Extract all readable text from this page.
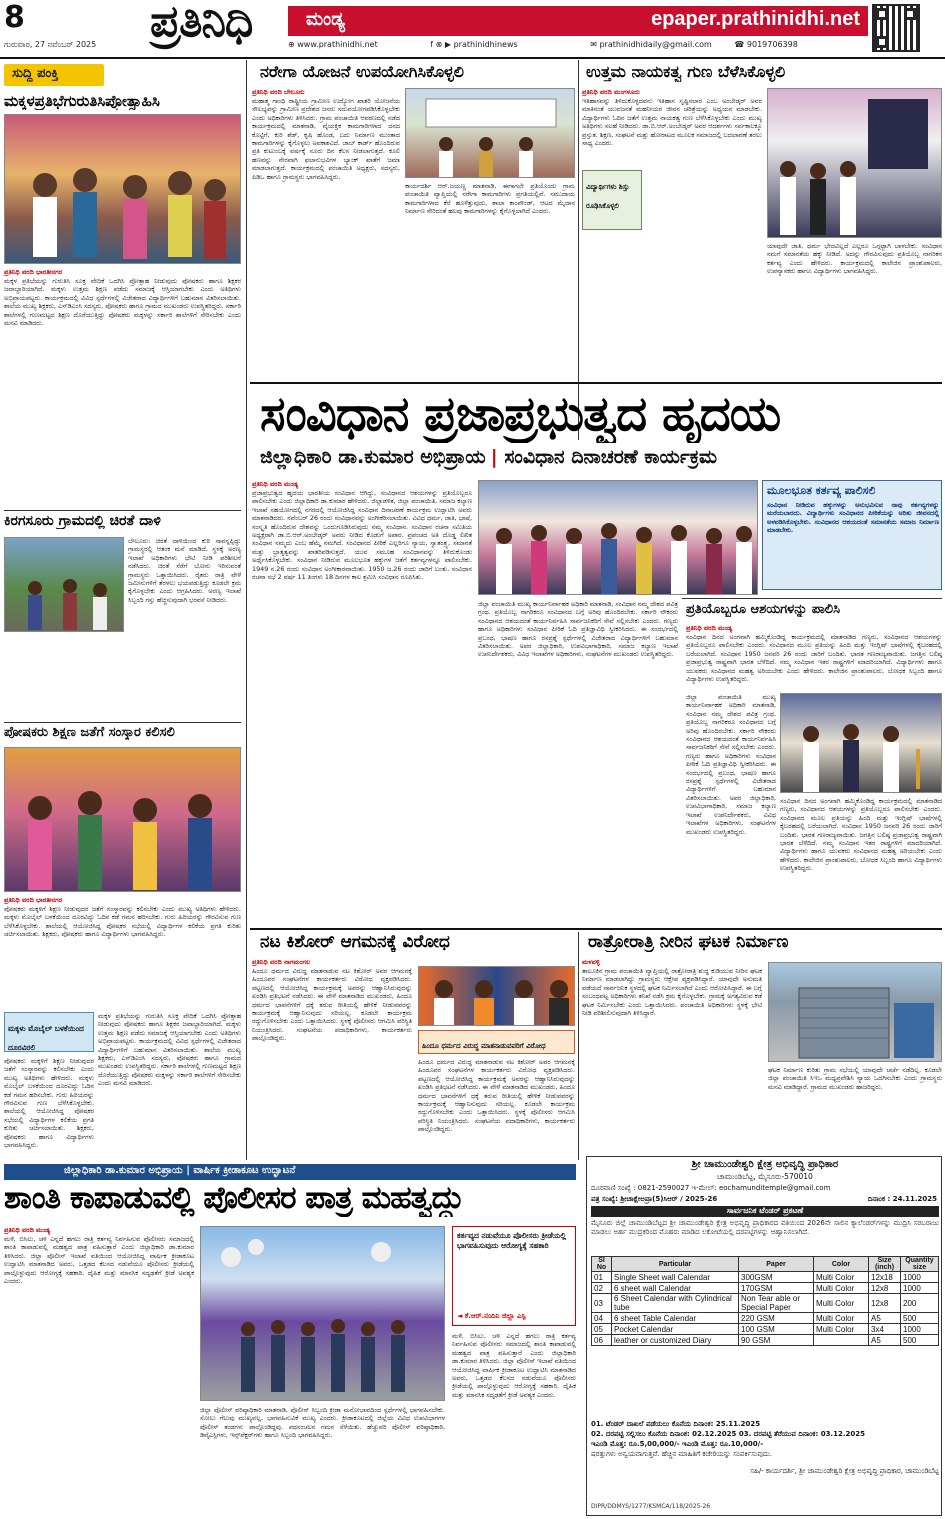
8
ಗುರುವಾರ, 27 ನವೆಂಬರ್ 2025 ಪ್ರತಿನಿಧಿ	ಮಂಡ್ಯ	epaper.prathinidhi.net
⊕ www.prathinidhi.net	f ⊗ ▶ prathinidhinews	✉ prathinidhidaily@gmail.com	☎ 9019706398
ಸುದ್ದಿ ಪಂಕ್ತಿ
ಮಕ್ಕಳಪ್ರತಿಭೆಗುರುತಿಸಿಪ್ರೋತ್ಸಾಹಿಸಿ
ಪ್ರತಿನಿಧಿ ವರದಿ ಭಾರತೀನಗರ
ಮಕ್ಕಳ ಪ್ರತಿಭೆಯನ್ನು ಗುರುತಿಸಿ ಸೂಕ್ತ ವೇದಿಕೆ ಒದಗಿಸಿ ಪ್ರೋತ್ಸಾಹ ನೀಡುವುದು ಪೋಷಕರು ಹಾಗೂ ಶಿಕ್ಷಕರ ಜವಾಬ್ದಾರಿಯಾಗಿದೆ. ಮಕ್ಕಳು ಉತ್ತಮ ಶಿಕ್ಷಣ ಪಡೆದು ಸಮಾಜಕ್ಕೆ ಆಸ್ತಿಯಾಗಬೇಕು ಎಂದು ಅತಿಥಿಗಳು ಅಭಿಪ್ರಾಯಪಟ್ಟರು. ಕಾರ್ಯಕ್ರಮದಲ್ಲಿ ವಿವಿಧ ಸ್ಪರ್ಧೆಗಳಲ್ಲಿ ವಿಜೇತರಾದ ವಿದ್ಯಾರ್ಥಿಗಳಿಗೆ ಬಹುಮಾನ ವಿತರಿಸಲಾಯಿತು. ಶಾಲೆಯ ಮುಖ್ಯ ಶಿಕ್ಷಕರು, ಎಸ್‌ಡಿಎಂಸಿ ಸದಸ್ಯರು, ಪೋಷಕರು ಹಾಗೂ ಗ್ರಾಮದ ಮುಖಂಡರು ಉಪಸ್ಥಿತರಿದ್ದರು. ಸರ್ಕಾರಿ ಶಾಲೆಗಳಲ್ಲಿ ಗುಣಮಟ್ಟದ ಶಿಕ್ಷಣ ದೊರೆಯುತ್ತಿದ್ದು ಪೋಷಕರು ಮಕ್ಕಳನ್ನು ಸರ್ಕಾರಿ ಶಾಲೆಗಳಿಗೆ ಸೇರಿಸಬೇಕು ಎಂದು ಮನವಿ ಮಾಡಿದರು.
ಕಿರಗಸೂರು ಗ್ರಾಮದಲ್ಲಿ ಚಿರತೆ ದಾಳಿ
ಬೇಲೂರು: ಚಿರತೆ ದಾಳಿಯಿಂದ ಕುರಿ ಸಾವನ್ನಪ್ಪಿದ್ದು ಗ್ರಾಮಸ್ಥರಲ್ಲಿ ಆತಂಕ ಮನೆ ಮಾಡಿದೆ. ಸ್ಥಳಕ್ಕೆ ಅರಣ್ಯ ಇಲಾಖೆ ಅಧಿಕಾರಿಗಳು ಭೇಟಿ ನೀಡಿ ಪರಿಶೀಲನೆ ನಡೆಸಿದರು. ಚಿರತೆ ಸೆರೆಗೆ ಬೋನು ಇರಿಸುವಂತೆ ಗ್ರಾಮಸ್ಥರು ಒತ್ತಾಯಿಸಿದರು. ರೈತರು ರಾತ್ರಿ ವೇಳೆ ಜಮೀನುಗಳಿಗೆ ತೆರಳಲು ಭಯಪಡುತ್ತಿದ್ದು ಕೂಡಲೇ ಕ್ರಮ ಕೈಗೊಳ್ಳಬೇಕು ಎಂದು ಆಗ್ರಹಿಸಿದರು. ಅರಣ್ಯ ಇಲಾಖೆ ಸಿಬ್ಬಂದಿ ಗಸ್ತು ಹೆಚ್ಚಿಸುವುದಾಗಿ ಭರವಸೆ ನೀಡಿದರು.
ಪೋಷಕರು ಶಿಕ್ಷಣ ಜತೆಗೆ ಸಂಸ್ಕಾರ ಕಲಿಸಲಿ
ಪ್ರತಿನಿಧಿ ವರದಿ ಭಾರತೀನಗರ
ಪೋಷಕರು ಮಕ್ಕಳಿಗೆ ಶಿಕ್ಷಣ ನೀಡುವುದರ ಜತೆಗೆ ಸಂಸ್ಕಾರವನ್ನು ಕಲಿಸಬೇಕು ಎಂದು ಮುಖ್ಯ ಅತಿಥಿಗಳು ಹೇಳಿದರು. ಮಕ್ಕಳು ಮೊಬೈಲ್ ಬಳಕೆಯಿಂದ ದೂರವಿದ್ದು ಓದಿನ ಕಡೆ ಗಮನ ಹರಿಸಬೇಕು. ಗುರು ಹಿರಿಯರನ್ನು ಗೌರವಿಸುವ ಗುಣ ಬೆಳೆಸಿಕೊಳ್ಳಬೇಕು. ಶಾಲೆಯಲ್ಲಿ ಆಯೋಜಿಸಿದ್ದ ಪೋಷಕರ ಸಭೆಯಲ್ಲಿ ವಿದ್ಯಾರ್ಥಿಗಳ ಕಲಿಕೆಯ ಪ್ರಗತಿ ಕುರಿತು ಚರ್ಚಿಸಲಾಯಿತು. ಶಿಕ್ಷಕರು, ಪೋಷಕರು ಹಾಗೂ ವಿದ್ಯಾರ್ಥಿಗಳು ಭಾಗವಹಿಸಿದ್ದರು.
ಮಕ್ಕಳು ಮೊಬೈಲ್ ಬಳಕೆಯಿಂದ ದೂರವಿರಲಿ
ಮಕ್ಕಳ ಪ್ರತಿಭೆಯನ್ನು ಗುರುತಿಸಿ ಸೂಕ್ತ ವೇದಿಕೆ ಒದಗಿಸಿ ಪ್ರೋತ್ಸಾಹ ನೀಡುವುದು ಪೋಷಕರು ಹಾಗೂ ಶಿಕ್ಷಕರ ಜವಾಬ್ದಾರಿಯಾಗಿದೆ. ಮಕ್ಕಳು ಉತ್ತಮ ಶಿಕ್ಷಣ ಪಡೆದು ಸಮಾಜಕ್ಕೆ ಆಸ್ತಿಯಾಗಬೇಕು ಎಂದು ಅತಿಥಿಗಳು ಅಭಿಪ್ರಾಯಪಟ್ಟರು. ಕಾರ್ಯಕ್ರಮದಲ್ಲಿ ವಿವಿಧ ಸ್ಪರ್ಧೆಗಳಲ್ಲಿ ವಿಜೇತರಾದ ವಿದ್ಯಾರ್ಥಿಗಳಿಗೆ ಬಹುಮಾನ ವಿತರಿಸಲಾಯಿತು. ಶಾಲೆಯ ಮುಖ್ಯ ಶಿಕ್ಷಕರು, ಎಸ್‌ಡಿಎಂಸಿ ಸದಸ್ಯರು, ಪೋಷಕರು ಹಾಗೂ ಗ್ರಾಮದ ಮುಖಂಡರು ಉಪಸ್ಥಿತರಿದ್ದರು. ಸರ್ಕಾರಿ ಶಾಲೆಗಳಲ್ಲಿ ಗುಣಮಟ್ಟದ ಶಿಕ್ಷಣ ದೊರೆಯುತ್ತಿದ್ದು ಪೋಷಕರು ಮಕ್ಕಳನ್ನು ಸರ್ಕಾರಿ ಶಾಲೆಗಳಿಗೆ ಸೇರಿಸಬೇಕು ಎಂದು ಮನವಿ ಮಾಡಿದರು.
ಪೋಷಕರು ಮಕ್ಕಳಿಗೆ ಶಿಕ್ಷಣ ನೀಡುವುದರ ಜತೆಗೆ ಸಂಸ್ಕಾರವನ್ನು ಕಲಿಸಬೇಕು ಎಂದು ಮುಖ್ಯ ಅತಿಥಿಗಳು ಹೇಳಿದರು. ಮಕ್ಕಳು ಮೊಬೈಲ್ ಬಳಕೆಯಿಂದ ದೂರವಿದ್ದು ಓದಿನ ಕಡೆ ಗಮನ ಹರಿಸಬೇಕು. ಗುರು ಹಿರಿಯರನ್ನು ಗೌರವಿಸುವ ಗುಣ ಬೆಳೆಸಿಕೊಳ್ಳಬೇಕು. ಶಾಲೆಯಲ್ಲಿ ಆಯೋಜಿಸಿದ್ದ ಪೋಷಕರ ಸಭೆಯಲ್ಲಿ ವಿದ್ಯಾರ್ಥಿಗಳ ಕಲಿಕೆಯ ಪ್ರಗತಿ ಕುರಿತು ಚರ್ಚಿಸಲಾಯಿತು. ಶಿಕ್ಷಕರು, ಪೋಷಕರು ಹಾಗೂ ವಿದ್ಯಾರ್ಥಿಗಳು ಭಾಗವಹಿಸಿದ್ದರು.
ನರೇಗಾ ಯೋಜನೆ ಉಪಯೋಗಿಸಿಕೊಳ್ಳಲಿ
ಪ್ರತಿನಿಧಿ ವರದಿ ಬೇಲೂರು
ಮಹಾತ್ಮ ಗಾಂಧಿ ರಾಷ್ಟ್ರೀಯ ಗ್ರಾಮೀಣ ಉದ್ಯೋಗ ಖಾತರಿ ಯೋಜನೆಯ ಸೌಲಭ್ಯವನ್ನು ಗ್ರಾಮೀಣ ಪ್ರದೇಶದ ಜನರು ಸದುಪಯೋಗಪಡಿಸಿಕೊಳ್ಳಬೇಕು ಎಂದು ಅಧಿಕಾರಿಗಳು ತಿಳಿಸಿದರು. ಗ್ರಾಮ ಪಂಚಾಯಿತಿ ಆವರಣದಲ್ಲಿ ನಡೆದ ಕಾರ್ಯಕ್ರಮದಲ್ಲಿ ಮಾತನಾಡಿ, ವೈಯಕ್ತಿಕ ಕಾಮಗಾರಿಗಳಾದ ದನದ ಕೊಟ್ಟಿಗೆ, ಕುರಿ ಶೆಡ್, ಕೃಷಿ ಹೊಂಡ, ಬದು ನಿರ್ಮಾಣ ಮುಂತಾದ ಕಾಮಗಾರಿಗಳನ್ನು ಕೈಗೊಳ್ಳಲು ಅವಕಾಶವಿದೆ. ಜಾಬ್ ಕಾರ್ಡ್ ಹೊಂದಿರುವ ಪ್ರತಿ ಕುಟುಂಬಕ್ಕೆ ವರ್ಷಕ್ಕೆ ನೂರು ದಿನ ಕೆಲಸ ನೀಡಲಾಗುತ್ತದೆ. ಕೂಲಿ ಹಣವನ್ನು ನೇರವಾಗಿ ಫಲಾನುಭವಿಗಳ ಬ್ಯಾಂಕ್ ಖಾತೆಗೆ ಜಮಾ ಮಾಡಲಾಗುತ್ತದೆ. ಕಾರ್ಯಕ್ರಮದಲ್ಲಿ ಪಂಚಾಯಿತಿ ಅಧ್ಯಕ್ಷರು, ಸದಸ್ಯರು, ಪಿಡಿಒ ಹಾಗೂ ಗ್ರಾಮಸ್ಥರು ಭಾಗವಹಿಸಿದ್ದರು.
ಕಾರ್ಯದರ್ಶಿ ಆರ್.ಜಯಣ್ಣ ಮಾತನಾಡಿ, ಈಗಾಗಲೇ ಪ್ರತಿಯೊಂದು ಗ್ರಾಮ ಪಂಚಾಯಿತಿ ವ್ಯಾಪ್ತಿಯಲ್ಲಿ ನರೇಗಾ ಕಾಮಗಾರಿಗಳು ಪ್ರಗತಿಯಲ್ಲಿವೆ. ಸಮುದಾಯ ಕಾಮಗಾರಿಗಳಾದ ಕೆರೆ ಹೂಳೆತ್ತುವುದು, ಶಾಲಾ ಕಾಂಪೌಂಡ್, ಆಟದ ಮೈದಾನ ನಿರ್ಮಾಣ ಸೇರಿದಂತೆ ಹಲವು ಕಾಮಗಾರಿಗಳನ್ನು ಕೈಗೊಳ್ಳಲಾಗಿದೆ ಎಂದರು.
ಉತ್ತಮ ನಾಯಕತ್ವ ಗುಣ ಬೆಳೆಸಿಕೊಳ್ಳಲಿ
ಪ್ರತಿನಿಧಿ ವರದಿ ಮಂಗಳೂರು
ಇತಿಹಾಸವನ್ನು ತಿಳಿದುಕೊಳ್ಳದವನು ಇತಿಹಾಸ ಸೃಷ್ಟಿಸಲಾರ ಎಂಬ ಅಂಬೇಡ್ಕರ್ ಅವರ ಮಾತಿನಂತೆ ಯುವಜನತೆ ಮಹನೀಯರ ಜೀವನ ಚರಿತ್ರೆಯನ್ನು ಅಧ್ಯಯನ ಮಾಡಬೇಕು. ವಿದ್ಯಾರ್ಥಿಗಳು ಓದಿನ ಜತೆಗೆ ಉತ್ತಮ ನಾಯಕತ್ವ ಗುಣ ಬೆಳೆಸಿಕೊಳ್ಳಬೇಕು ಎಂದು ಮುಖ್ಯ ಅತಿಥಿಗಳು ಸಲಹೆ ನೀಡಿದರು. ಡಾ.ಬಿ.ಆರ್.ಅಂಬೇಡ್ಕರ್ ಅವರ ಆದರ್ಶಗಳು ಸರ್ವಕಾಲಕ್ಕೂ ಪ್ರಸ್ತುತ. ಶಿಕ್ಷಣ, ಸಂಘಟನೆ ಮತ್ತು ಹೋರಾಟದ ಮೂಲಕ ಸಮಾಜದಲ್ಲಿ ಬದಲಾವಣೆ ತರಲು ಸಾಧ್ಯ ಎಂದರು.
ವಿದ್ಯಾರ್ಥಿಗಳು ಶಿಸ್ತು ರೂಢಿಸಿಕೊಳ್ಳಲಿ
ಯಾವುದೇ ಜಾತಿ, ಧರ್ಮ ಭೇದವಿಲ್ಲದೆ ಎಲ್ಲರೂ ಒಗ್ಗಟ್ಟಾಗಿ ಬಾಳಬೇಕು. ಸಂವಿಧಾನ ನಮಗೆ ಸಮಾನತೆಯ ಹಕ್ಕು ನೀಡಿದೆ. ಅದನ್ನು ಗೌರವಿಸುವುದು ಪ್ರತಿಯೊಬ್ಬ ನಾಗರಿಕನ ಕರ್ತವ್ಯ ಎಂದು ಹೇಳಿದರು. ಕಾರ್ಯಕ್ರಮದಲ್ಲಿ ಕಾಲೇಜಿನ ಪ್ರಾಂಶುಪಾಲರು, ಉಪನ್ಯಾಸಕರು ಹಾಗೂ ವಿದ್ಯಾರ್ಥಿಗಳು ಭಾಗವಹಿಸಿದ್ದರು.
ಸಂವಿಧಾನ ಪ್ರಜಾಪ್ರಭುತ್ವದ ಹೃದಯ
ಜಿಲ್ಲಾಧಿಕಾರಿ ಡಾ.ಕುಮಾರ ಅಭಿಪ್ರಾಯ | ಸಂವಿಧಾನ ದಿನಾಚರಣೆ ಕಾರ್ಯಕ್ರಮ
ಪ್ರತಿನಿಧಿ ವರದಿ ಮಂಡ್ಯ
ಪ್ರಜಾಪ್ರಭುತ್ವದ ಹೃದಯ ಭಾರತೀಯ ಸಂವಿಧಾನ ಆಗಿದ್ದು, ಸಂವಿಧಾನದ ಆಶಯಗಳನ್ನು ಪ್ರತಿಯೊಬ್ಬರೂ ಪಾಲಿಸಬೇಕು ಎಂದು ಜಿಲ್ಲಾಧಿಕಾರಿ ಡಾ.ಕುಮಾರ ಹೇಳಿದರು. ಜಿಲ್ಲಾಡಳಿತ, ಜಿಲ್ಲಾ ಪಂಚಾಯಿತಿ, ಸಮಾಜ ಕಲ್ಯಾಣ ಇಲಾಖೆ ಸಹಯೋಗದಲ್ಲಿ ನಗರದಲ್ಲಿ ಆಯೋಜಿಸಿದ್ದ ಸಂವಿಧಾನ ದಿನಾಚರಣೆ ಕಾರ್ಯಕ್ರಮ ಉದ್ಘಾಟಿಸಿ ಅವರು ಮಾತನಾಡಿದರು. ನವೆಂಬರ್ 26 ರಂದು ಸಂವಿಧಾನವನ್ನು ಅಂಗೀಕರಿಸಲಾಯಿತು. ವಿವಿಧ ಧರ್ಮ, ಜಾತಿ, ಭಾಷೆ, ಸಂಸ್ಕೃತಿ ಹೊಂದಿರುವ ದೇಶವನ್ನು ಒಂದುಗೂಡಿಸಿರುವುದು ನಮ್ಮ ಸಂವಿಧಾನ. ಸಂವಿಧಾನ ರಚನಾ ಸಮಿತಿಯ ಅಧ್ಯಕ್ಷರಾಗಿ ಡಾ.ಬಿ.ಆರ್.ಅಂಬೇಡ್ಕರ್ ಅವರು ನೀಡಿದ ಕೊಡುಗೆ ಅಪಾರ. ಪ್ರಪಂಚದ ಅತಿ ದೊಡ್ಡ ಲಿಖಿತ ಸಂವಿಧಾನ ನಮ್ಮದು ಎಂಬ ಹೆಮ್ಮೆ ನಮಗಿದೆ. ಸಂವಿಧಾನದ ಪೀಠಿಕೆ ಎಲ್ಲರಿಗೂ ನ್ಯಾಯ, ಸ್ವಾತಂತ್ರ್ಯ, ಸಮಾನತೆ ಮತ್ತು ಭ್ರಾತೃತ್ವವನ್ನು ಖಾತರಿಪಡಿಸುತ್ತದೆ. ಯುವ ಸಮೂಹ ಸಂವಿಧಾನವನ್ನು ತಿಳಿದುಕೊಂಡು ಅರ್ಥೈಸಿಕೊಳ್ಳಬೇಕು. ಸಂವಿಧಾನ ನೀಡಿರುವ ಮೂಲಭೂತ ಹಕ್ಕುಗಳ ಜತೆಗೆ ಕರ್ತವ್ಯಗಳನ್ನೂ ಪಾಲಿಸಬೇಕು. 1949 ನ.26 ರಂದು ಸಂವಿಧಾನ ಅಂಗೀಕಾರವಾಯಿತು. 1950 ಜ.26 ರಂದು ಜಾರಿಗೆ ಬಂತು. ಸಂವಿಧಾನ ರಚನಾ ಸಭೆ 2 ವರ್ಷ 11 ತಿಂಗಳು 18 ದಿನಗಳ ಕಾಲ ಶ್ರಮಿಸಿ ಸಂವಿಧಾನ ರೂಪಿಸಿತು.
ಜಿಲ್ಲಾ ಪಂಚಾಯಿತಿ ಮುಖ್ಯ ಕಾರ್ಯನಿರ್ವಾಹಕ ಅಧಿಕಾರಿ ಮಾತನಾಡಿ, ಸಂವಿಧಾನ ನಮ್ಮ ದೇಶದ ಪವಿತ್ರ ಗ್ರಂಥ. ಪ್ರತಿಯೊಬ್ಬ ನಾಗರಿಕರೂ ಸಂವಿಧಾನದ ಬಗ್ಗೆ ಅರಿವು ಹೊಂದಿರಬೇಕು. ಸರ್ಕಾರಿ ನೌಕರರು ಸಂವಿಧಾನದ ಆಶಯದಂತೆ ಕಾರ್ಯನಿರ್ವಹಿಸಿ ಸಾರ್ವಜನಿಕರಿಗೆ ಸೇವೆ ಸಲ್ಲಿಸಬೇಕು ಎಂದರು. ಗಣ್ಯರು ಹಾಗೂ ಅಧಿಕಾರಿಗಳು ಸಂವಿಧಾನ ಪೀಠಿಕೆ ಓದಿ ಪ್ರತಿಜ್ಞಾವಿಧಿ ಸ್ವೀಕರಿಸಿದರು. ಈ ಸಂದರ್ಭದಲ್ಲಿ ಪ್ರಬಂಧ, ಭಾಷಣ ಹಾಗೂ ರಸಪ್ರಶ್ನೆ ಸ್ಪರ್ಧೆಗಳಲ್ಲಿ ವಿಜೇತರಾದ ವಿದ್ಯಾರ್ಥಿಗಳಿಗೆ ಬಹುಮಾನ ವಿತರಿಸಲಾಯಿತು. ಅಪರ ಜಿಲ್ಲಾಧಿಕಾರಿ, ಉಪವಿಭಾಗಾಧಿಕಾರಿ, ಸಮಾಜ ಕಲ್ಯಾಣ ಇಲಾಖೆ ಉಪನಿರ್ದೇಶಕರು, ವಿವಿಧ ಇಲಾಖೆಗಳ ಅಧಿಕಾರಿಗಳು, ಸಂಘಟನೆಗಳ ಮುಖಂಡರು ಉಪಸ್ಥಿತರಿದ್ದರು.
ಮೂಲಭೂತ ಕರ್ತವ್ಯ ಪಾಲಿಸಲಿ
ಸಂವಿಧಾನ ನೀಡಿರುವ ಹಕ್ಕುಗಳನ್ನು ಅನುಭವಿಸುವ ನಾವು ಕರ್ತವ್ಯಗಳನ್ನು ಮರೆಯಬಾರದು. ವಿದ್ಯಾರ್ಥಿಗಳು ಸಂವಿಧಾನದ ಪೀಠಿಕೆಯನ್ನು ಅರಿತು ಜೀವನದಲ್ಲಿ ಅಳವಡಿಸಿಕೊಳ್ಳಬೇಕು. ಸಂವಿಧಾನದ ಆಶಯದಂತೆ ಸಮಾನತೆಯ ಸಮಾಜ ನಿರ್ಮಾಣ ಮಾಡಬೇಕು.
ಪ್ರತಿಯೊಬ್ಬರೂ ಆಶಯಗಳನ್ನು ಪಾಲಿಸಿ
ಪ್ರತಿನಿಧಿ ವರದಿ ಮಂಡ್ಯ
ಸಂವಿಧಾನ ದಿನದ ಅಂಗವಾಗಿ ಹಮ್ಮಿಕೊಂಡಿದ್ದ ಕಾರ್ಯಕ್ರಮದಲ್ಲಿ ಮಾತನಾಡಿದ ಗಣ್ಯರು, ಸಂವಿಧಾನದ ಆಶಯಗಳನ್ನು ಪ್ರತಿಯೊಬ್ಬರೂ ಪಾಲಿಸಬೇಕು ಎಂದರು. ಸಂವಿಧಾನದ ಮೂಲ ಪ್ರತಿಯನ್ನು ಹಿಂದಿ ಮತ್ತು ಇಂಗ್ಲಿಷ್ ಭಾಷೆಗಳಲ್ಲಿ ಕೈಬರಹದಲ್ಲಿ ಬರೆಯಲಾಗಿದೆ. ಸಂವಿಧಾನ 1950 ಜನವರಿ 26 ರಂದು ಜಾರಿಗೆ ಬಂದಿತು. ಭಾರತ ಗಣರಾಜ್ಯವಾಯಿತು. ಜಗತ್ತಿನ ಬಲಿಷ್ಠ ಪ್ರಜಾಪ್ರಭುತ್ವ ರಾಷ್ಟ್ರವಾಗಿ ಭಾರತ ಬೆಳೆದಿದೆ. ನಮ್ಮ ಸಂವಿಧಾನ ಇತರ ರಾಷ್ಟ್ರಗಳಿಗೆ ಮಾದರಿಯಾಗಿದೆ. ವಿದ್ಯಾರ್ಥಿಗಳು ಹಾಗೂ ಯುವಕರು ಸಂವಿಧಾನದ ಮಹತ್ವ ಅರಿಯಬೇಕು ಎಂದು ಹೇಳಿದರು. ಕಾಲೇಜಿನ ಪ್ರಾಂಶುಪಾಲರು, ಬೋಧಕ ಸಿಬ್ಬಂದಿ ಹಾಗೂ ವಿದ್ಯಾರ್ಥಿಗಳು ಉಪಸ್ಥಿತರಿದ್ದರು.
ಜಿಲ್ಲಾ ಪಂಚಾಯಿತಿ ಮುಖ್ಯ ಕಾರ್ಯನಿರ್ವಾಹಕ ಅಧಿಕಾರಿ ಮಾತನಾಡಿ, ಸಂವಿಧಾನ ನಮ್ಮ ದೇಶದ ಪವಿತ್ರ ಗ್ರಂಥ. ಪ್ರತಿಯೊಬ್ಬ ನಾಗರಿಕರೂ ಸಂವಿಧಾನದ ಬಗ್ಗೆ ಅರಿವು ಹೊಂದಿರಬೇಕು. ಸರ್ಕಾರಿ ನೌಕರರು ಸಂವಿಧಾನದ ಆಶಯದಂತೆ ಕಾರ್ಯನಿರ್ವಹಿಸಿ ಸಾರ್ವಜನಿಕರಿಗೆ ಸೇವೆ ಸಲ್ಲಿಸಬೇಕು ಎಂದರು. ಗಣ್ಯರು ಹಾಗೂ ಅಧಿಕಾರಿಗಳು ಸಂವಿಧಾನ ಪೀಠಿಕೆ ಓದಿ ಪ್ರತಿಜ್ಞಾವಿಧಿ ಸ್ವೀಕರಿಸಿದರು. ಈ ಸಂದರ್ಭದಲ್ಲಿ ಪ್ರಬಂಧ, ಭಾಷಣ ಹಾಗೂ ರಸಪ್ರಶ್ನೆ ಸ್ಪರ್ಧೆಗಳಲ್ಲಿ ವಿಜೇತರಾದ ವಿದ್ಯಾರ್ಥಿಗಳಿಗೆ ಬಹುಮಾನ ವಿತರಿಸಲಾಯಿತು. ಅಪರ ಜಿಲ್ಲಾಧಿಕಾರಿ, ಉಪವಿಭಾಗಾಧಿಕಾರಿ, ಸಮಾಜ ಕಲ್ಯಾಣ ಇಲಾಖೆ ಉಪನಿರ್ದೇಶಕರು, ವಿವಿಧ ಇಲಾಖೆಗಳ ಅಧಿಕಾರಿಗಳು, ಸಂಘಟನೆಗಳ ಮುಖಂಡರು ಉಪಸ್ಥಿತರಿದ್ದರು.
ಸಂವಿಧಾನ ದಿನದ ಅಂಗವಾಗಿ ಹಮ್ಮಿಕೊಂಡಿದ್ದ ಕಾರ್ಯಕ್ರಮದಲ್ಲಿ ಮಾತನಾಡಿದ ಗಣ್ಯರು, ಸಂವಿಧಾನದ ಆಶಯಗಳನ್ನು ಪ್ರತಿಯೊಬ್ಬರೂ ಪಾಲಿಸಬೇಕು ಎಂದರು. ಸಂವಿಧಾನದ ಮೂಲ ಪ್ರತಿಯನ್ನು ಹಿಂದಿ ಮತ್ತು ಇಂಗ್ಲಿಷ್ ಭಾಷೆಗಳಲ್ಲಿ ಕೈಬರಹದಲ್ಲಿ ಬರೆಯಲಾಗಿದೆ. ಸಂವಿಧಾನ 1950 ಜನವರಿ 26 ರಂದು ಜಾರಿಗೆ ಬಂದಿತು. ಭಾರತ ಗಣರಾಜ್ಯವಾಯಿತು. ಜಗತ್ತಿನ ಬಲಿಷ್ಠ ಪ್ರಜಾಪ್ರಭುತ್ವ ರಾಷ್ಟ್ರವಾಗಿ ಭಾರತ ಬೆಳೆದಿದೆ. ನಮ್ಮ ಸಂವಿಧಾನ ಇತರ ರಾಷ್ಟ್ರಗಳಿಗೆ ಮಾದರಿಯಾಗಿದೆ. ವಿದ್ಯಾರ್ಥಿಗಳು ಹಾಗೂ ಯುವಕರು ಸಂವಿಧಾನದ ಮಹತ್ವ ಅರಿಯಬೇಕು ಎಂದು ಹೇಳಿದರು. ಕಾಲೇಜಿನ ಪ್ರಾಂಶುಪಾಲರು, ಬೋಧಕ ಸಿಬ್ಬಂದಿ ಹಾಗೂ ವಿದ್ಯಾರ್ಥಿಗಳು ಉಪಸ್ಥಿತರಿದ್ದರು.
ನಟ ಕಿಶೋರ್ ಆಗಮನಕ್ಕೆ ವಿರೋಧ
ಪ್ರತಿನಿಧಿ ವರದಿ ನಾಗಮಂಗಲ
ಹಿಂದೂ ಧರ್ಮದ ವಿರುದ್ಧ ಮಾತನಾಡುವ ನಟ ಕಿಶೋರ್ ಅವರ ಆಗಮನಕ್ಕೆ ಹಿಂದೂಪರ ಸಂಘಟನೆಗಳ ಕಾರ್ಯಕರ್ತರು ವಿರೋಧ ವ್ಯಕ್ತಪಡಿಸಿದರು. ಪಟ್ಟಣದಲ್ಲಿ ಆಯೋಜಿಸಿದ್ದ ಕಾರ್ಯಕ್ರಮಕ್ಕೆ ಅವರನ್ನು ಆಹ್ವಾನಿಸಿರುವುದನ್ನು ಖಂಡಿಸಿ ಪ್ರತಿಭಟನೆ ನಡೆಸಿದರು. ಈ ವೇಳೆ ಮಾತನಾಡಿದ ಮುಖಂಡರು, ಹಿಂದೂ ಧರ್ಮದ ಭಾವನೆಗಳಿಗೆ ಧಕ್ಕೆ ತರುವ ರೀತಿಯಲ್ಲಿ ಹೇಳಿಕೆ ನೀಡುವವರನ್ನು ಕಾರ್ಯಕ್ರಮಕ್ಕೆ ಆಹ್ವಾನಿಸುವುದು ಸರಿಯಲ್ಲ. ಕೂಡಲೇ ಕಾರ್ಯಕ್ರಮ ರದ್ದುಗೊಳಿಸಬೇಕು ಎಂದು ಒತ್ತಾಯಿಸಿದರು. ಸ್ಥಳಕ್ಕೆ ಪೊಲೀಸರು ಆಗಮಿಸಿ ಪರಿಸ್ಥಿತಿ ನಿಯಂತ್ರಿಸಿದರು. ಸಂಘಟನೆಯ ಪದಾಧಿಕಾರಿಗಳು, ಕಾರ್ಯಕರ್ತರು ಪಾಲ್ಗೊಂಡಿದ್ದರು.
ಹಿಂದೂ ಧರ್ಮದ ವಿರುದ್ಧ ಮಾತನಾಡುವವರಿಗೆ ವಿರೋಧ
ಹಿಂದೂ ಧರ್ಮದ ವಿರುದ್ಧ ಮಾತನಾಡುವ ನಟ ಕಿಶೋರ್ ಅವರ ಆಗಮನಕ್ಕೆ ಹಿಂದೂಪರ ಸಂಘಟನೆಗಳ ಕಾರ್ಯಕರ್ತರು ವಿರೋಧ ವ್ಯಕ್ತಪಡಿಸಿದರು. ಪಟ್ಟಣದಲ್ಲಿ ಆಯೋಜಿಸಿದ್ದ ಕಾರ್ಯಕ್ರಮಕ್ಕೆ ಅವರನ್ನು ಆಹ್ವಾನಿಸಿರುವುದನ್ನು ಖಂಡಿಸಿ ಪ್ರತಿಭಟನೆ ನಡೆಸಿದರು. ಈ ವೇಳೆ ಮಾತನಾಡಿದ ಮುಖಂಡರು, ಹಿಂದೂ ಧರ್ಮದ ಭಾವನೆಗಳಿಗೆ ಧಕ್ಕೆ ತರುವ ರೀತಿಯಲ್ಲಿ ಹೇಳಿಕೆ ನೀಡುವವರನ್ನು ಕಾರ್ಯಕ್ರಮಕ್ಕೆ ಆಹ್ವಾನಿಸುವುದು ಸರಿಯಲ್ಲ. ಕೂಡಲೇ ಕಾರ್ಯಕ್ರಮ ರದ್ದುಗೊಳಿಸಬೇಕು ಎಂದು ಒತ್ತಾಯಿಸಿದರು. ಸ್ಥಳಕ್ಕೆ ಪೊಲೀಸರು ಆಗಮಿಸಿ ಪರಿಸ್ಥಿತಿ ನಿಯಂತ್ರಿಸಿದರು. ಸಂಘಟನೆಯ ಪದಾಧಿಕಾರಿಗಳು, ಕಾರ್ಯಕರ್ತರು ಪಾಲ್ಗೊಂಡಿದ್ದರು.
ರಾತ್ರೋರಾತ್ರಿ ನೀರಿನ ಘಟಕ ನಿರ್ಮಾಣ
ಮಳವಳ್ಳಿ
ತಾಲೂಕಿನ ಗ್ರಾಮ ಪಂಚಾಯಿತಿ ವ್ಯಾಪ್ತಿಯಲ್ಲಿ ರಾತ್ರೋರಾತ್ರಿ ಶುದ್ಧ ಕುಡಿಯುವ ನೀರಿನ ಘಟಕ ನಿರ್ಮಾಣ ಮಾಡಲಾಗಿದ್ದು ಗ್ರಾಮಸ್ಥರು ಆಕ್ಷೇಪ ವ್ಯಕ್ತಪಡಿಸಿದ್ದಾರೆ. ಯಾವುದೇ ಅನುಮತಿ ಪಡೆಯದೆ ಸಾರ್ವಜನಿಕ ಸ್ಥಳದಲ್ಲಿ ಘಟಕ ನಿರ್ಮಿಸಲಾಗಿದೆ ಎಂದು ಆರೋಪಿಸಿದ್ದಾರೆ. ಈ ಬಗ್ಗೆ ಸಂಬಂಧಪಟ್ಟ ಅಧಿಕಾರಿಗಳು ತನಿಖೆ ನಡೆಸಿ ಕ್ರಮ ಕೈಗೊಳ್ಳಬೇಕು. ಗ್ರಾಮಕ್ಕೆ ಅಗತ್ಯವಿರುವ ಕಡೆ ಘಟಕ ನಿರ್ಮಿಸಬೇಕು ಎಂದು ಒತ್ತಾಯಿಸಿದರು. ಪಂಚಾಯಿತಿ ಅಧಿಕಾರಿಗಳು ಸ್ಥಳಕ್ಕೆ ಭೇಟಿ ನೀಡಿ ಪರಿಶೀಲಿಸುವುದಾಗಿ ತಿಳಿಸಿದ್ದಾರೆ.
ಘಟಕ ನಿರ್ಮಾಣ ಕುರಿತು ಗ್ರಾಮ ಸಭೆಯಲ್ಲಿ ಯಾವುದೇ ಚರ್ಚೆ ನಡೆದಿಲ್ಲ. ಕೂಡಲೇ ಜಿಲ್ಲಾ ಪಂಚಾಯಿತಿ ಸಿಇಒ ಮಧ್ಯಪ್ರವೇಶಿಸಿ ನ್ಯಾಯ ಒದಗಿಸಬೇಕು ಎಂದು ಗ್ರಾಮಸ್ಥರು ಮನವಿ ಮಾಡಿದ್ದಾರೆ. ಗ್ರಾಮದ ಮುಖಂಡರು ಹಾಜರಿದ್ದರು.
ಜಿಲ್ಲಾಧಿಕಾರಿ ಡಾ.ಕುಮಾರ ಅಭಿಪ್ರಾಯ | ವಾರ್ಷಿಕ ಕ್ರೀಡಾಕೂಟ ಉದ್ಘಾಟನೆ
ಶಾಂತಿ ಕಾಪಾಡುವಲ್ಲಿ ಪೊಲೀಸರ ಪಾತ್ರ ಮಹತ್ವದ್ದು
ಪ್ರತಿನಿಧಿ ವರದಿ ಮಂಡ್ಯ
ಮಳೆ, ಬಿಸಿಲು, ಚಳಿ ಎನ್ನದೆ ಹಗಲು ರಾತ್ರಿ ಕರ್ತವ್ಯ ನಿರ್ವಹಿಸುವ ಪೊಲೀಸರು ಸಮಾಜದಲ್ಲಿ ಶಾಂತಿ ಕಾಪಾಡುವಲ್ಲಿ ಮಹತ್ವದ ಪಾತ್ರ ವಹಿಸುತ್ತಾರೆ ಎಂದು ಜಿಲ್ಲಾಧಿಕಾರಿ ಡಾ.ಕುಮಾರ ತಿಳಿಸಿದರು. ಜಿಲ್ಲಾ ಪೊಲೀಸ್ ಇಲಾಖೆ ವತಿಯಿಂದ ಆಯೋಜಿಸಿದ್ದ ವಾರ್ಷಿಕ ಕ್ರೀಡಾಕೂಟ ಉದ್ಘಾಟಿಸಿ ಮಾತನಾಡಿದ ಅವರು, ಒತ್ತಡದ ಕೆಲಸದ ನಡುವೆಯೂ ಪೊಲೀಸರು ಕ್ರೀಡೆಯಲ್ಲಿ ಪಾಲ್ಗೊಳ್ಳುವುದು ಆರೋಗ್ಯಕ್ಕೆ ಸಹಕಾರಿ. ದೈಹಿಕ ಮತ್ತು ಮಾನಸಿಕ ಸದೃಢತೆಗೆ ಕ್ರೀಡೆ ಅವಶ್ಯಕ ಎಂದರು.
ಕರ್ತವ್ಯದ ನಡುವೆಯೂ ಪೊಲೀಸರು ಕ್ರೀಡೆಯಲ್ಲಿ ಭಾಗವಹಿಸುವುದು ಆರೋಗ್ಯಕ್ಕೆ ಸಹಕಾರಿ
◄ ಕೆ.ಆರ್.ನಂದಿನಿ ಜಿಲ್ಲಾ ಎಸ್ಪಿ
ಜಿಲ್ಲಾ ಪೊಲೀಸ್ ವರಿಷ್ಠಾಧಿಕಾರಿ ಮಾತನಾಡಿ, ಪೊಲೀಸ್ ಸಿಬ್ಬಂದಿ ಕ್ರೀಡಾ ಮನೋಭಾವದಿಂದ ಸ್ಪರ್ಧೆಗಳಲ್ಲಿ ಭಾಗವಹಿಸಬೇಕು. ಸೋಲು ಗೆಲುವು ಮುಖ್ಯವಲ್ಲ, ಭಾಗವಹಿಸುವಿಕೆ ಮುಖ್ಯ ಎಂದರು. ಕ್ರೀಡಾಕೂಟದಲ್ಲಿ ಜಿಲ್ಲೆಯ ವಿವಿಧ ಉಪವಿಭಾಗಗಳ ಪೊಲೀಸ್ ತಂಡಗಳು ಪಾಲ್ಗೊಂಡಿದ್ದವು. ಪಥಸಂಚಲನ ಗಮನ ಸೆಳೆಯಿತು. ಹೆಚ್ಚುವರಿ ಪೊಲೀಸ್ ವರಿಷ್ಠಾಧಿಕಾರಿ, ಡಿವೈಎಸ್ಪಿಗಳು, ಇನ್ಸ್‌ಪೆಕ್ಟರ್‌ಗಳು ಹಾಗೂ ಸಿಬ್ಬಂದಿ ಭಾಗವಹಿಸಿದ್ದರು.
ಮಳೆ, ಬಿಸಿಲು, ಚಳಿ ಎನ್ನದೆ ಹಗಲು ರಾತ್ರಿ ಕರ್ತವ್ಯ ನಿರ್ವಹಿಸುವ ಪೊಲೀಸರು ಸಮಾಜದಲ್ಲಿ ಶಾಂತಿ ಕಾಪಾಡುವಲ್ಲಿ ಮಹತ್ವದ ಪಾತ್ರ ವಹಿಸುತ್ತಾರೆ ಎಂದು ಜಿಲ್ಲಾಧಿಕಾರಿ ಡಾ.ಕುಮಾರ ತಿಳಿಸಿದರು. ಜಿಲ್ಲಾ ಪೊಲೀಸ್ ಇಲಾಖೆ ವತಿಯಿಂದ ಆಯೋಜಿಸಿದ್ದ ವಾರ್ಷಿಕ ಕ್ರೀಡಾಕೂಟ ಉದ್ಘಾಟಿಸಿ ಮಾತನಾಡಿದ ಅವರು, ಒತ್ತಡದ ಕೆಲಸದ ನಡುವೆಯೂ ಪೊಲೀಸರು ಕ್ರೀಡೆಯಲ್ಲಿ ಪಾಲ್ಗೊಳ್ಳುವುದು ಆರೋಗ್ಯಕ್ಕೆ ಸಹಕಾರಿ. ದೈಹಿಕ ಮತ್ತು ಮಾನಸಿಕ ಸದೃಢತೆಗೆ ಕ್ರೀಡೆ ಅವಶ್ಯಕ ಎಂದರು.
ಶ್ರೀ ಚಾಮುಂಡೇಶ್ವರಿ ಕ್ಷೇತ್ರ ಅಭಿವೃದ್ಧಿ ಪ್ರಾಧಿಕಾರ
ಚಾಮುಂಡಿಬೆಟ್ಟ, ಮೈಸೂರು-570010
ದೂರವಾಣಿ ಸಂಖ್ಯೆ : 0821-2590027 ಇ-ಮೇಲ್: eochamunditemple@gmail.com
ಪತ್ರ ಸಂಖ್ಯೆ: ಶ್ರೀಚಾಕ್ಷೇಅಪ್ರಾ(5)ಸಿಆರ್ / 2025-26	ದಿನಾಂಕ : 24.11.2025
ಸಾರ್ವಜನಿಕ ಟೆಂಡರ್ ಪ್ರಕಟಣೆ
ಮೈಸೂರು ಜಿಲ್ಲೆ ಚಾಮುಂಡಿಬೆಟ್ಟದ ಶ್ರೀ ಚಾಮುಂಡೇಶ್ವರಿ ಕ್ಷೇತ್ರ ಅಭಿವೃದ್ಧಿ ಪ್ರಾಧಿಕಾರದ ವತಿಯಿಂದ 2026ನೇ ಸಾಲಿನ ಕ್ಯಾಲೆಂಡರ್‌ಗಳನ್ನು ಮುದ್ರಿಸಿ ಸರಬರಾಜು ಮಾಡಲು ಅರ್ಹ ಮುದ್ರಕರಿಂದ ಮೊಹರು ಮಾಡಿದ ಲಕೋಟೆಯಲ್ಲಿ ದರಪಟ್ಟಿಗಳನ್ನು ಆಹ್ವಾನಿಸಲಾಗಿದೆ.
Sl No	Particular	Paper	Color	Size (inch)	Quantity size
01	Single Sheet wall Calendar	300GSM	Multi Color	12x18	1000
02	6 sheet wall Calendar	170GSM	Multi Color	12x8	1000
03	6 Sheet Calendar with Cylindrical tube	Non Tear able or Special Paper	Multi Color	12x8	200
04	6 sheet Table Calendar	220 GSM	Multi Color	A5	500
05	Pocket Calendar	100 GSM	Multi Color	3x4	1000
06	leather or customized Diary	90 GSM		A5	500
01. ಟೆಂಡರ್ ದಾಖಲೆ ಪಡೆಯಲು ಕೊನೆಯ ದಿನಾಂಕ: 25.11.2025
02. ದರಪಟ್ಟಿ ಸಲ್ಲಿಸಲು ಕೊನೆಯ ದಿನಾಂಕ: 02.12.2025 03. ದರಪಟ್ಟಿ ತೆರೆಯುವ ದಿನಾಂಕ: 03.12.2025
ಇಎಂಡಿ ಮೊತ್ತ: ರೂ.5,00,000/- ಇಎಂಡಿ ಮೊತ್ತ: ರೂ.10,000/-
ಷರತ್ತುಗಳು ಅನ್ವಯವಾಗುತ್ತವೆ. ಹೆಚ್ಚಿನ ಮಾಹಿತಿಗೆ ಕಚೇರಿಯನ್ನು ಸಂಪರ್ಕಿಸುವುದು.
ಸಹಿ/- ಕಾರ್ಯದರ್ಶಿ, ಶ್ರೀ ಚಾಮುಂಡೇಶ್ವರಿ ಕ್ಷೇತ್ರ ಅಭಿವೃದ್ಧಿ ಪ್ರಾಧಿಕಾರ, ಚಾಮುಂಡಿಬೆಟ್ಟ
DIPR/DDMYS/1277/KSMCA/118/2025-26
